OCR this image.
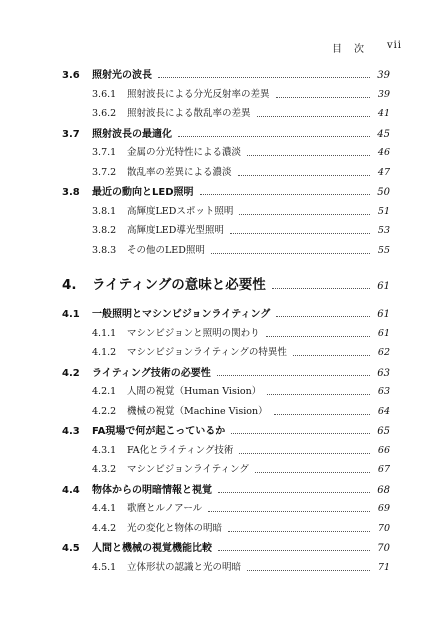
目　次 vii
3.6	照射光の波長	39
3.6.1	照射波長による分光反射率の差異	39
3.6.2	照射波長による散乱率の差異	41
3.7	照射波長の最適化	45
3.7.1	金属の分光特性による濃淡	46
3.7.2	散乱率の差異による濃淡	47
3.8	最近の動向とLED照明	50
3.8.1	高輝度LEDスポット照明	51
3.8.2	高輝度LED導光型照明	53
3.8.3	その他のLED照明	55
4.	ライティングの意味と必要性	61
4.1	一般照明とマシンビジョンライティング	61
4.1.1	マシンビジョンと照明の関わり	61
4.1.2	マシンビジョンライティングの特異性	62
4.2	ライティング技術の必要性	63
4.2.1	人間の視覚（Human Vision）	63
4.2.2	機械の視覚（Machine Vision）	64
4.3	FA現場で何が起こっているか	65
4.3.1	FA化とライティング技術	66
4.3.2	マシンビジョンライティング	67
4.4	物体からの明暗情報と視覚	68
4.4.1	歌麿とルノアール	69
4.4.2	光の変化と物体の明暗	70
4.5	人間と機械の視覚機能比較	70
4.5.1	立体形状の認識と光の明暗	71
